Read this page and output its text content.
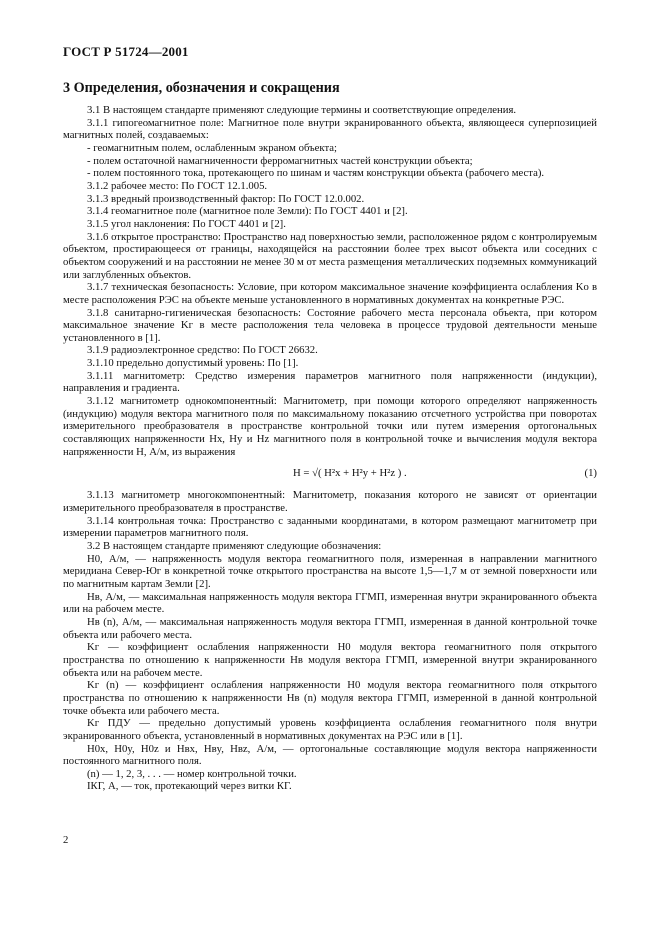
ГОСТ Р 51724—2001
3 Определения, обозначения и сокращения

3.1 В настоящем стандарте применяют следующие термины и соответствующие определения.

3.1.1 гипогеомагнитное поле: Магнитное поле внутри экранированного объекта, являющееся суперпозицией магнитных полей, создаваемых:

- геомагнитным полем, ослабленным экраном объекта;

- полем остаточной намагниченности ферромагнитных частей конструкции объекта;

- полем постоянного тока, протекающего по шинам и частям конструкции объекта (рабочего места).

3.1.2 рабочее место: По ГОСТ 12.1.005.

3.1.3 вредный производственный фактор: По ГОСТ 12.0.002.

3.1.4 геомагнитное поле (магнитное поле Земли): По ГОСТ 4401 и [2].

3.1.5 угол наклонения: По ГОСТ 4401 и [2].

3.1.6 открытое пространство: Пространство над поверхностью земли, расположенное рядом с контролируемым объектом, простирающееся от границы, находящейся на расстоянии более трех высот объекта или соседних с объектом сооружений и на расстоянии не менее 30 м от места размещения металлических подземных коммуникаций или заглубленных объектов.

3.1.7 техническая безопасность: Условие, при котором максимальное значение коэффициента ослабления Kо в месте расположения РЭС на объекте меньше установленного в нормативных документах на конкретные РЭС.

3.1.8 санитарно-гигиеническая безопасность: Состояние рабочего места персонала объекта, при котором максимальное значение Kг в месте расположения тела человека в процессе трудовой деятельности меньше установленного в [1].

3.1.9 радиоэлектронное средство: По ГОСТ 26632.

3.1.10 предельно допустимый уровень: По [1].

3.1.11 магнитометр: Средство измерения параметров магнитного поля напряженности (индукции), направления и градиента.

3.1.12 магнитометр однокомпонентный: Магнитометр, при помощи которого определяют напряженность (индукцию) модуля вектора магнитного поля по максимальному показанию отсчетного устройства при поворотах измерительного преобразователя в пространстве контрольной точки или путем измерения ортогональных составляющих напряженности Hx, Hy и Hz магнитного поля в контрольной точке и вычисления модуля вектора напряженности H, А/м, из выражения

H = √( H²x + H²y + H²z ) .	(1)

3.1.13 магнитометр многокомпонентный: Магнитометр, показания которого не зависят от ориентации измерительного преобразователя в пространстве.

3.1.14 контрольная точка: Пространство с заданными координатами, в котором размещают магнитометр при измерении параметров магнитного поля.

3.2 В настоящем стандарте применяют следующие обозначения:

H0, А/м, — напряженность модуля вектора геомагнитного поля, измеренная в направлении магнитного меридиана Север-Юг в конкретной точке открытого пространства на высоте 1,5—1,7 м от земной поверхности или по магнитным картам Земли [2].

Hв, А/м, — максимальная напряженность модуля вектора ГГМП, измеренная внутри экранированного объекта или на рабочем месте.

Hв (n), А/м, — максимальная напряженность модуля вектора ГГМП, измеренная в данной контрольной точке объекта или рабочего места.

Kг — коэффициент ослабления напряженности H0 модуля вектора геомагнитного поля открытого пространства по отношению к напряженности Hв модуля вектора ГГМП, измеренной внутри экранированного объекта или на рабочем месте.

Kг (n) — коэффициент ослабления напряженности H0 модуля вектора геомагнитного поля открытого пространства по отношению к напряженности Hв (n) модуля вектора ГГМП, измеренной в данной контрольной точке объекта или рабочего места.

Kг ПДУ — предельно допустимый уровень коэффициента ослабления геомагнитного поля внутри экранированного объекта, установленный в нормативных документах на РЭС или в [1].

H0x, H0y, H0z и Hвx, Hвy, Hвz, А/м, — ортогональные составляющие модуля вектора напряженности постоянного магнитного поля.

(n) — 1, 2, 3, . . . — номер контрольной точки.

IКГ, А, — ток, протекающий через витки КГ.

2
